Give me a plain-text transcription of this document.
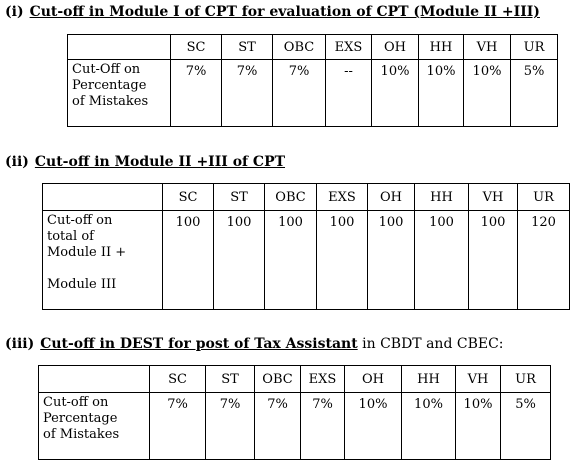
(i) Cut-off in Module I of CPT for evaluation of CPT (Module II +III)
	SC	ST	OBC	EXS	OH	HH	VH	UR

Cut-Off on
Percentage
of Mistakes	7%	7%	7%	--	10%	10%	10%	5%
(ii) Cut-off in Module II +III of CPT
	SC	ST	OBC	EXS	OH	HH	VH	UR

Cut-off on
total of
Module II +
Module III	100	100	100	100	100	100	100	120
(iii) Cut-off in DEST for post of Tax Assistant in CBDT and CBEC:
	SC	ST	OBC	EXS	OH	HH	VH	UR

Cut-off on
Percentage
of Mistakes	7%	7%	7%	7%	10%	10%	10%	5%
